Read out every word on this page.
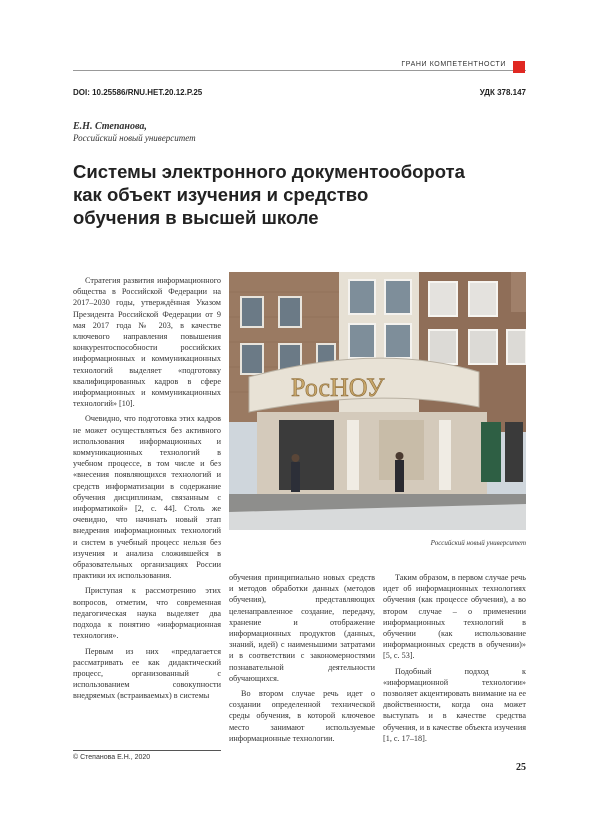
ГРАНИ КОМПЕТЕНТНОСТИ
DOI: 10.25586/RNU.HET.20.12.P.25	УДК 378.147
Е.Н. Степанова,
Российский новый университет
Системы электронного документооборота
как объект изучения и средство
обучения в высшей школе

Стратегия развития информационного общества в Российской Федерации на 2017–2030 годы, утверждённая Указом Президента Российской Федерации от 9 мая 2017 года № 203, в качестве ключевого направления повышения конкурентоспособности российских информационных и коммуникационных технологий выделяет «подготовку квалифицированных кадров в сфере информационных и коммуникационных технологий» [10].

Очевидно, что подготовка этих кадров не может осуществляться без активного использования информационных и коммуникационных технологий в учебном процессе, в том числе и без «внесения появляющихся технологий и средств информатизации в содержание обучения дисциплинам, связанным с информатикой» [2, с. 44]. Столь же очевидно, что начинать новый этап внедрения информационных технологий и систем в учебный процесс нельзя без изучения и анализа сложившейся в образовательных организациях России практики их использования.

Приступая к рассмотрению этих вопросов, отметим, что современная педагогическая наука выделяет два подхода к понятию «информационная технология».

Первым из них «предлагается рассматривать ее как дидактический процесс, организованный с использованием совокупности внедряемых (встраиваемых) в системы

РосНОУ
Российский новый университет

обучения принципиально новых средств и методов обработки данных (методов обучения), представляющих целенаправленное создание, передачу, хранение и отображение информационных продуктов (данных, знаний, идей) с наименьшими затратами и в соответствии с закономерностями познавательной деятельности обучающихся.

Во втором случае речь идет о создании определенной технической среды обучения, в которой ключевое место занимают используемые информационные технологии.

Таким образом, в первом случае речь идет об информационных технологиях обучения (как процессе обучения), а во втором случае – о применении информационных технологий в обучении (как использование информационных средств в обучении)» [5, с. 53].

Подобный подход к «информационной технологии» позволяет акцентировать внимание на ее двойственности, когда она может выступать и в качестве средства обучения, и в качестве объекта изучения [1, с. 17–18].

© Степанова Е.Н., 2020
25
